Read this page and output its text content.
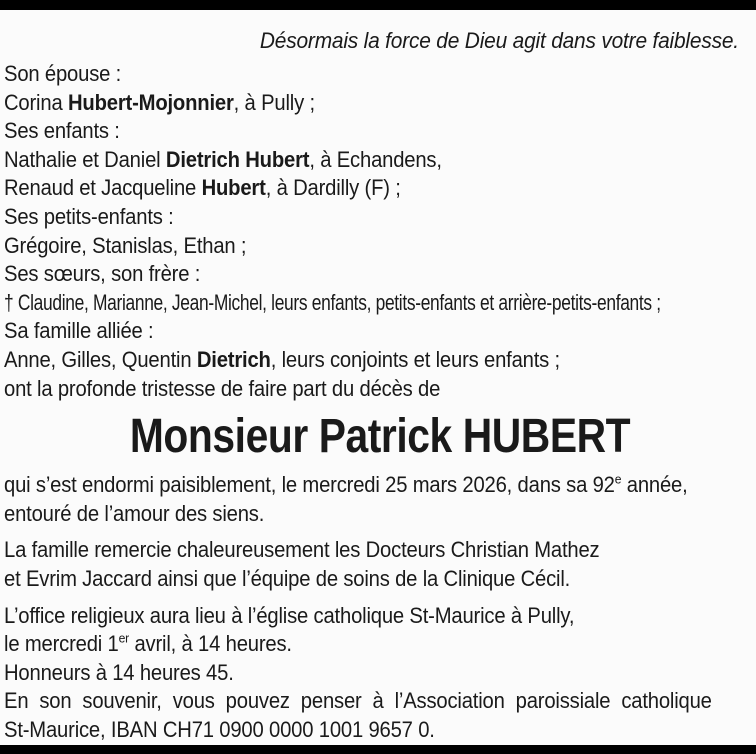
Désormais la force de Dieu agit dans votre faiblesse.
Son épouse :
Corina Hubert-Mojonnier, à Pully ;
Ses enfants :
Nathalie et Daniel Dietrich Hubert, à Echandens,
Renaud et Jacqueline Hubert, à Dardilly (F) ;
Ses petits-enfants :
Grégoire, Stanislas, Ethan ;
Ses sœurs, son frère :
† Claudine, Marianne, Jean-Michel, leurs enfants, petits-enfants et arrière-petits-enfants ;
Sa famille alliée :
Anne, Gilles, Quentin Dietrich, leurs conjoints et leurs enfants ;
ont la profonde tristesse de faire part du décès de
Monsieur Patrick HUBERT
qui s’est endormi paisiblement, le mercredi 25 mars 2026, dans sa 92e année,
entouré de l’amour des siens.
La famille remercie chaleureusement les Docteurs Christian Mathez
et Evrim Jaccard ainsi que l’équipe de soins de la Clinique Cécil.
L’office religieux aura lieu à l’église catholique St-Maurice à Pully,
le mercredi 1er avril, à 14 heures.
Honneurs à 14 heures 45.
En son souvenir, vous pouvez penser à l’Association paroissiale catholique
St-Maurice, IBAN CH71 0900 0000 1001 9657 0.
